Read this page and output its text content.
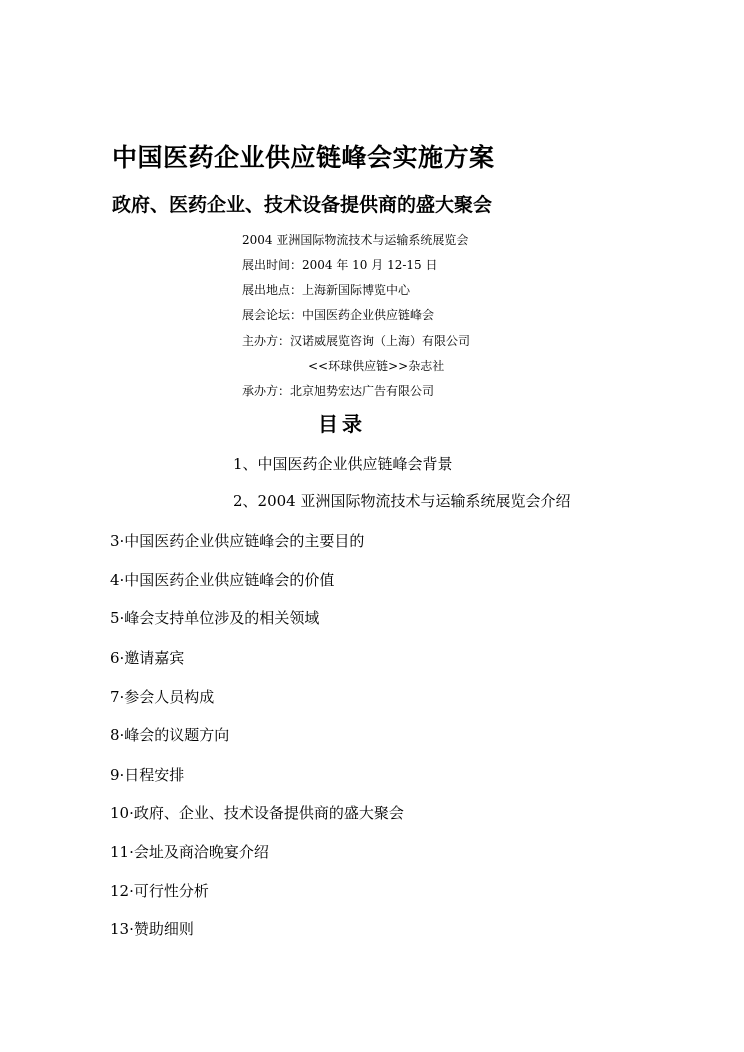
中国医药企业供应链峰会实施方案
政府、医药企业、技术设备提供商的盛大聚会
2004 亚洲国际物流技术与运输系统展览会
展出时间：2004 年 10 月 12-15 日
展出地点：上海新国际博览中心
展会论坛：中国医药企业供应链峰会
主办方：汉诺威展览咨询（上海）有限公司
<<环球供应链>>杂志社
承办方：北京旭势宏达广告有限公司
目录
1、中国医药企业供应链峰会背景
2、2004 亚洲国际物流技术与运输系统展览会介绍
3·中国医药企业供应链峰会的主要目的
4·中国医药企业供应链峰会的价值
5·峰会支持单位涉及的相关领域
6·邀请嘉宾
7·参会人员构成
8·峰会的议题方向
9·日程安排
10·政府、企业、技术设备提供商的盛大聚会
11·会址及商洽晚宴介绍
12·可行性分析
13·赞助细则
